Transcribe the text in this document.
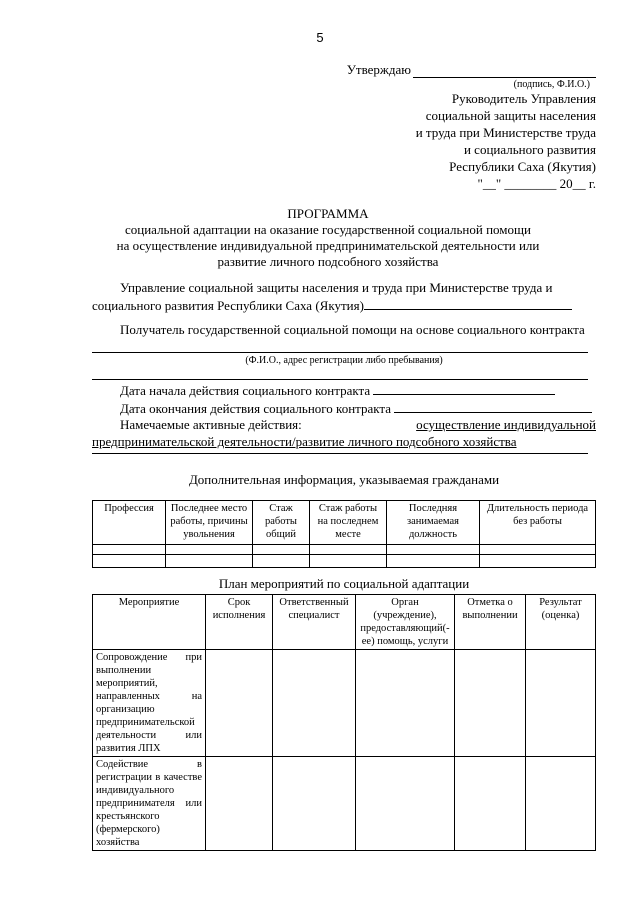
5
Утверждаю
(подпись, Ф.И.О.)
Руководитель Управления
социальной защиты населения
и труда при Министерстве труда
и социального развития
Республики Саха (Якутия)
"__" ________ 20__ г.
ПРОГРАММА
социальной адаптации на оказание государственной социальной помощи
на осуществление индивидуальной предпринимательской деятельности или
развитие личного подсобного хозяйства
Управление социальной защиты населения и труда при Министерстве труда и
социального развития Республики Саха (Якутия)
Получатель государственной социальной помощи на основе социального контракта
(Ф.И.О., адрес регистрации либо пребывания)
Дата начала действия социального контракта
Дата окончания действия социального контракта
Намечаемые активные действия:	осуществление индивидуальной
предпринимательской деятельности/развитие личного подсобного хозяйства
Дополнительная информация, указываемая гражданами
Профессия	Последнее место работы, причины увольнения	Стаж работы общий	Стаж работы на последнем месте	Последняя занимаемая должность	Длительность периода без работы

План мероприятий по социальной адаптации
Мероприятие	Срок исполнения	Ответственный специалист	Орган (учреждение), предоставляющий(-ее) помощь, услуги	Отметка о выполнении	Результат (оценка)
Сопровождение при выполнении мероприятий, направленных на организацию предпринимательской деятельности или развития ЛПХ					
Содействие в регистрации в качестве индивидуального предпринимателя или крестьянского (фермерского) хозяйства					
